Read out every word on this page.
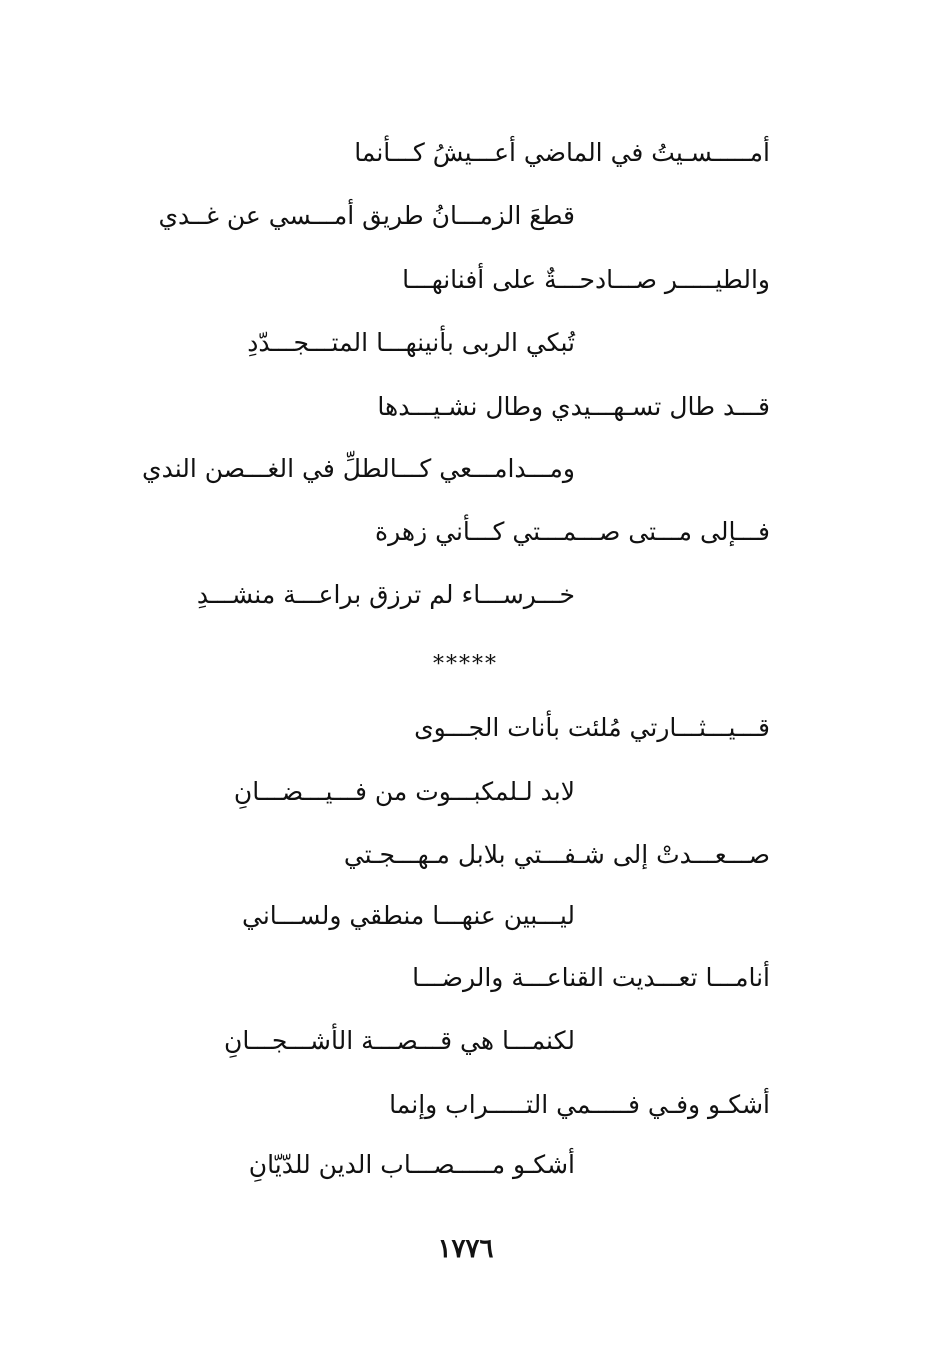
أمـــــسـيتُ في الماضي أعـــيشُ كـــأنما
قطعَ الزمـــانُ طريق أمـــسي عن غــدي
والطيـــــر صـــادحـــةٌ على أفنانهـــا
تُبكي الربى بأنينهـــا المتـــجـــدّدِ
قـــد طال تسـهـــيدي وطال نشـيـــدها
ومـــدامـــعي كـــالطلِّ في الغـــصن الندي
فـــإلى مـــتى صـــمـــتي كـــأني زهرة
خـــرســـاء لم ترزق براعـــة منشـــدِ
*****
قـــيـــثـــارتي مُلئت بأنات الجـــوى
لابد لـلمكبـــوت من فـــيـــضـــانِ
صـــعـــدتْ إلى شـفـــتي بلابل مـهـــجـتي
ليـــبين عنهـــا منطقي ولســـاني
أنامـــا تعـــديت القناعـــة والرضـــا
لكنمـــا هي قـــصـــة الأشـــجـــانِ
أشكـو وفـي فـــــمي التـــــراب وإنما
أشكـو مـــــصـــاب الدين للدّيّانِ
١٧٧٦
